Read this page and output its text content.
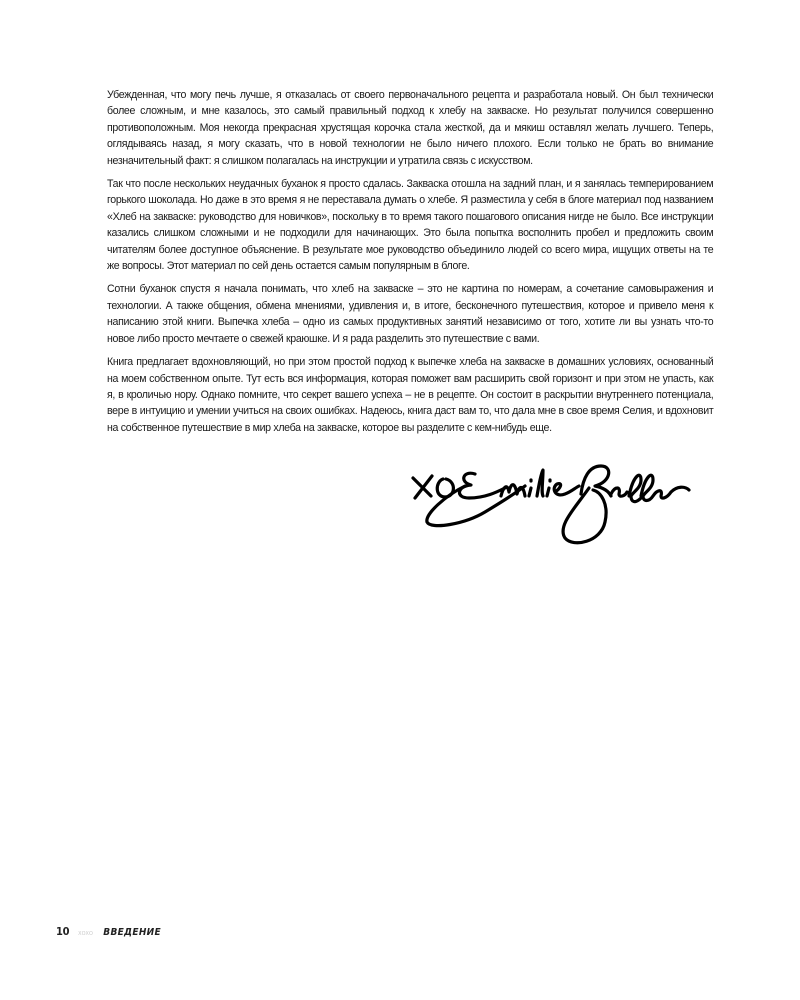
Убежденная, что могу печь лучше, я отказалась от своего первоначального рецепта и разработала новый. Он был технически более сложным, и мне казалось, это самый правильный подход к хлебу на закваске. Но результат получился совершенно противоположным. Моя некогда прекрасная хрустящая корочка стала жесткой, да и мякиш оставлял желать лучшего. Теперь, оглядываясь назад, я могу сказать, что в новой технологии не было ничего плохого. Если только не брать во внимание незначительный факт: я слишком полагалась на инструкции и утратила связь с искусством.

Так что после нескольких неудачных буханок я просто сдалась. Закваска отошла на задний план, и я занялась темперированием горького шоколада. Но даже в это время я не переставала думать о хлебе. Я разместила у себя в блоге материал под названием «Хлеб на закваске: руководство для новичков», поскольку в то время такого пошагового описания нигде не было. Все инструкции казались слишком сложными и не подходили для начинающих. Это была попытка восполнить пробел и предложить своим читателям более доступное объяснение. В результате мое руководство объединило людей со всего мира, ищущих ответы на те же вопросы. Этот материал по сей день остается самым популярным в блоге.

Сотни буханок спустя я начала понимать, что хлеб на закваске – это не картина по номерам, а сочетание самовыражения и технологии. А также общения, обмена мнениями, удивления и, в итоге, бесконечного путешествия, которое и привело меня к написанию этой книги. Выпечка хлеба – одно из самых продуктивных занятий независимо от того, хотите ли вы узнать что-то новое либо просто мечтаете о свежей краюшке. И я рада разделить это путешествие с вами.

Книга предлагает вдохновляющий, но при этом простой подход к выпечке хлеба на закваске в домашних условиях, основанный на моем собственном опыте. Тут есть вся информация, которая поможет вам расширить свой горизонт и при этом не упасть, как я, в кроличью нору. Однако помните, что секрет вашего успеха – не в рецепте. Он состоит в раскрытии внутреннего потенциала, вере в интуицию и умении учиться на своих ошибках. Надеюсь, книга даст вам то, что дала мне в свое время Селия, и вдохновит на собственное путешествие в мир хлеба на закваске, которое вы разделите с кем-нибудь еще.

10 XOXO ВВЕДЕНИЕ
